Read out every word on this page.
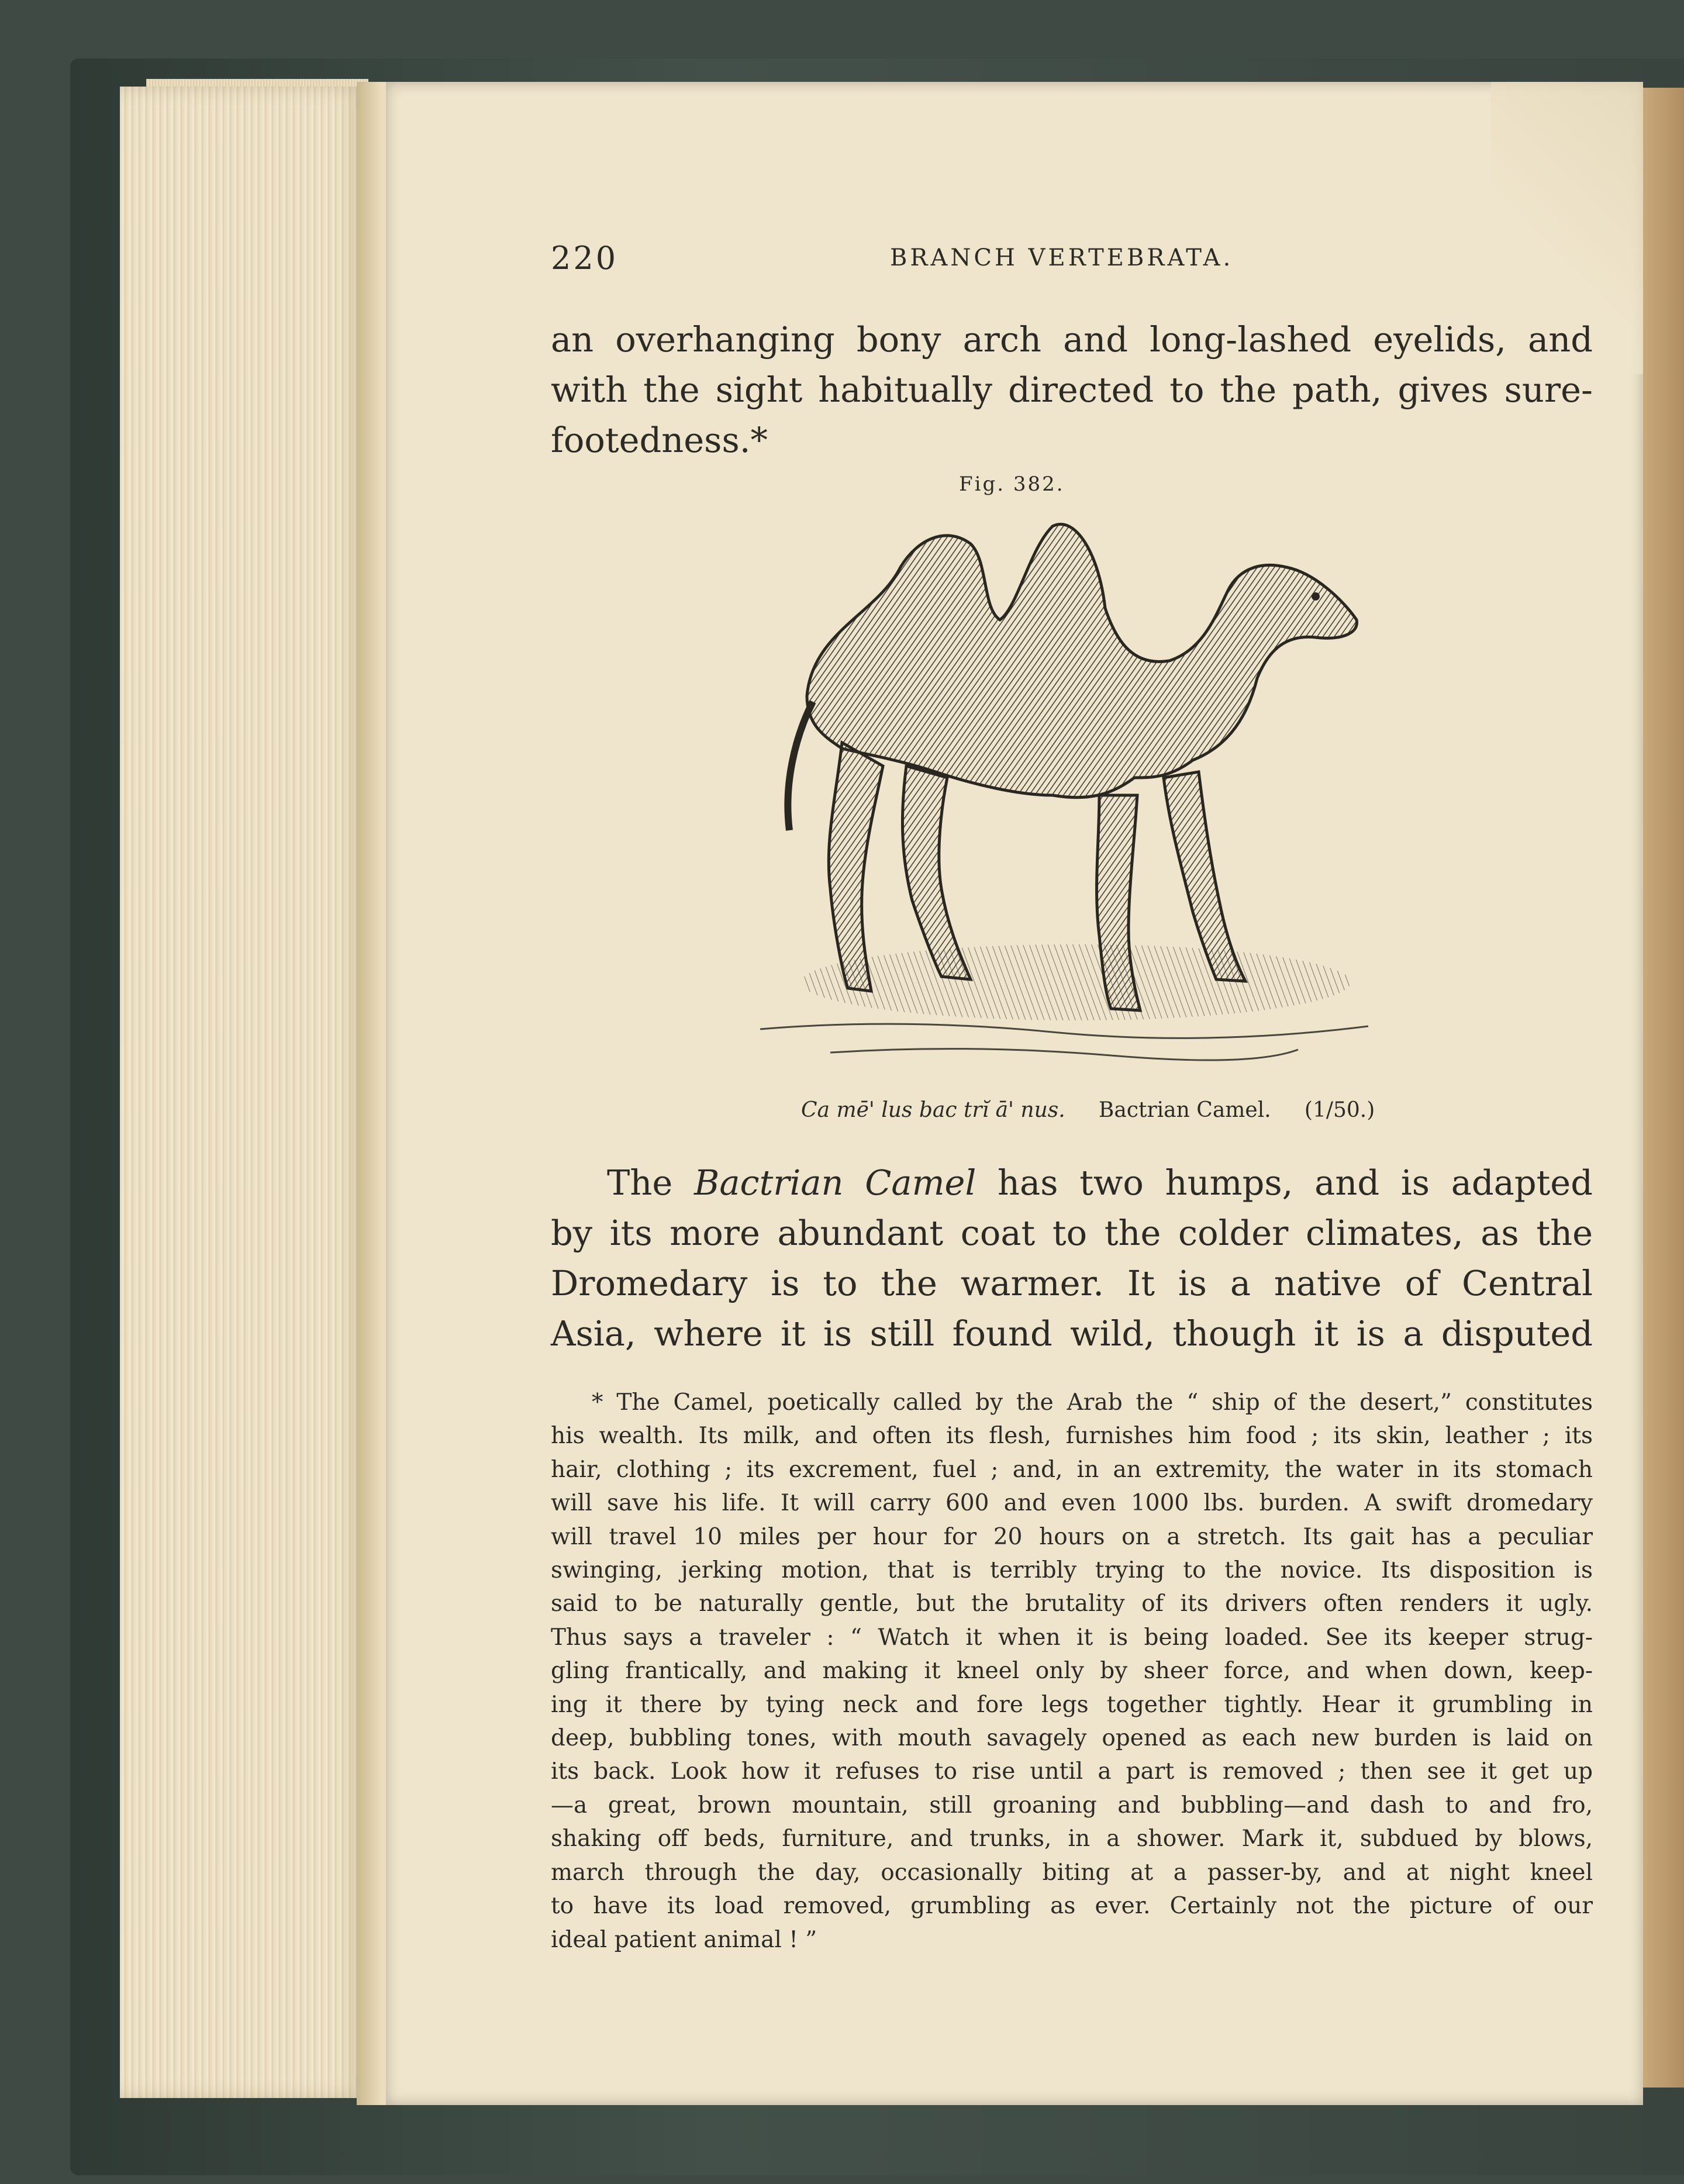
220	BRANCH VERTEBRATA.
an overhanging bony arch and long-lashed eyelids, and
with the sight habitually directed to the path, gives sure-
footedness.*
Fig. 382.
Ca mē' lus bac trĭ ā' nus. Bactrian Camel. (1/50.)
The Bactrian Camel has two humps, and is adapted
by its more abundant coat to the colder climates, as the
Dromedary is to the warmer. It is a native of Central
Asia, where it is still found wild, though it is a disputed
* The Camel, poetically called by the Arab the “ ship of the desert,” constitutes
his wealth. Its milk, and often its flesh, furnishes him food ; its skin, leather ; its
hair, clothing ; its excrement, fuel ; and, in an extremity, the water in its stomach
will save his life. It will carry 600 and even 1000 lbs. burden. A swift dromedary
will travel 10 miles per hour for 20 hours on a stretch. Its gait has a peculiar
swinging, jerking motion, that is terribly trying to the novice. Its disposition is
said to be naturally gentle, but the brutality of its drivers often renders it ugly.
Thus says a traveler : “ Watch it when it is being loaded. See its keeper strug-
gling frantically, and making it kneel only by sheer force, and when down, keep-
ing it there by tying neck and fore legs together tightly. Hear it grumbling in
deep, bubbling tones, with mouth savagely opened as each new burden is laid on
its back. Look how it refuses to rise until a part is removed ; then see it get up
—a great, brown mountain, still groaning and bubbling—and dash to and fro,
shaking off beds, furniture, and trunks, in a shower. Mark it, subdued by blows,
march through the day, occasionally biting at a passer-by, and at night kneel
to have its load removed, grumbling as ever. Certainly not the picture of our
ideal patient animal ! ”
